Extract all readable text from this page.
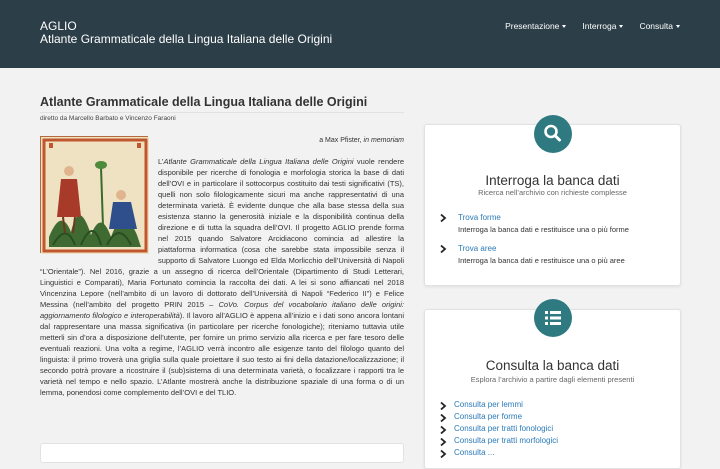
AGLIO
Atlante Grammaticale della Lingua Italiana delle Origini
Presentazione	Interroga	Consulta
Atlante Grammaticale della Lingua Italiana delle Origini
diretto da Marcello Barbato e Vincenzo Faraoni
a Max Pfister, in memoriam

L’Atlante Grammaticale della Lingua Italiana delle Origini vuole rendere disponibile per ricerche di fonologia e morfologia storica la base di dati dell’OVI e in particolare il sottocorpus costituito dai testi significativi (TS), quelli non solo filologicamente sicuri ma anche rappresentativi di una determinata varietà. È evidente dunque che alla base stessa della sua esistenza stanno la generosità iniziale e la disponibilità continua della direzione e di tutta la squadra dell’OVI. Il progetto AGLIO prende forma nel 2015 quando Salvatore Arcidiacono comincia ad allestire la piattaforma informatica (cosa che sarebbe stata impossibile senza il supporto di Salvatore Luongo ed Elda Morlicchio dell’Università di Napoli “L’Orientale”). Nel 2016, grazie a un assegno di ricerca dell’Orientale (Dipartimento di Studi Letterari, Linguistici e Comparati), Maria Fortunato comincia la raccolta dei dati. A lei si sono affiancati nel 2018 Vincenzina Lepore (nell’ambito di un lavoro di dottorato dell’Università di Napoli “Federico II”) e Felice Messina (nell’ambito del progetto PRIN 2015 – CoVo. Corpus del vocabolario italiano delle origini: aggiornamento filologico e interoperabilità). Il lavoro all’AGLIO è appena all’inizio e i dati sono ancora lontani dal rappresentare una massa significativa (in particolare per ricerche fonologiche); riteniamo tuttavia utile metterli sin d’ora a disposizione dell’utente, per fornire un primo servizio alla ricerca e per fare tesoro delle eventuali reazioni. Una volta a regime, l’AGLIO verrà incontro alle esigenze tanto del filologo quanto del linguista: il primo troverà una griglia sulla quale proiettare il suo testo ai fini della datazione/localizzazione; il secondo potrà provare a ricostruire il (sub)sistema di una determinata varietà, o focalizzare i rapporti tra le varietà nel tempo e nello spazio. L’Atlante mostrerà anche la distribuzione spaziale di una forma o di un lemma, ponendosi come complemento dell’OVI e del TLIO.

Interroga la banca dati
Ricerca nell’archivio con richieste complesse
Trova forme
Interroga la banca dati e restituisce una o più forme
Trova aree
Interroga la banca dati e restituisce una o più aree
Consulta la banca dati
Esplora l’archivio a partire dagli elementi presenti
Consulta per lemmi
Consulta per forme
Consulta per tratti fonologici
Consulta per tratti morfologici
Consulta ...
